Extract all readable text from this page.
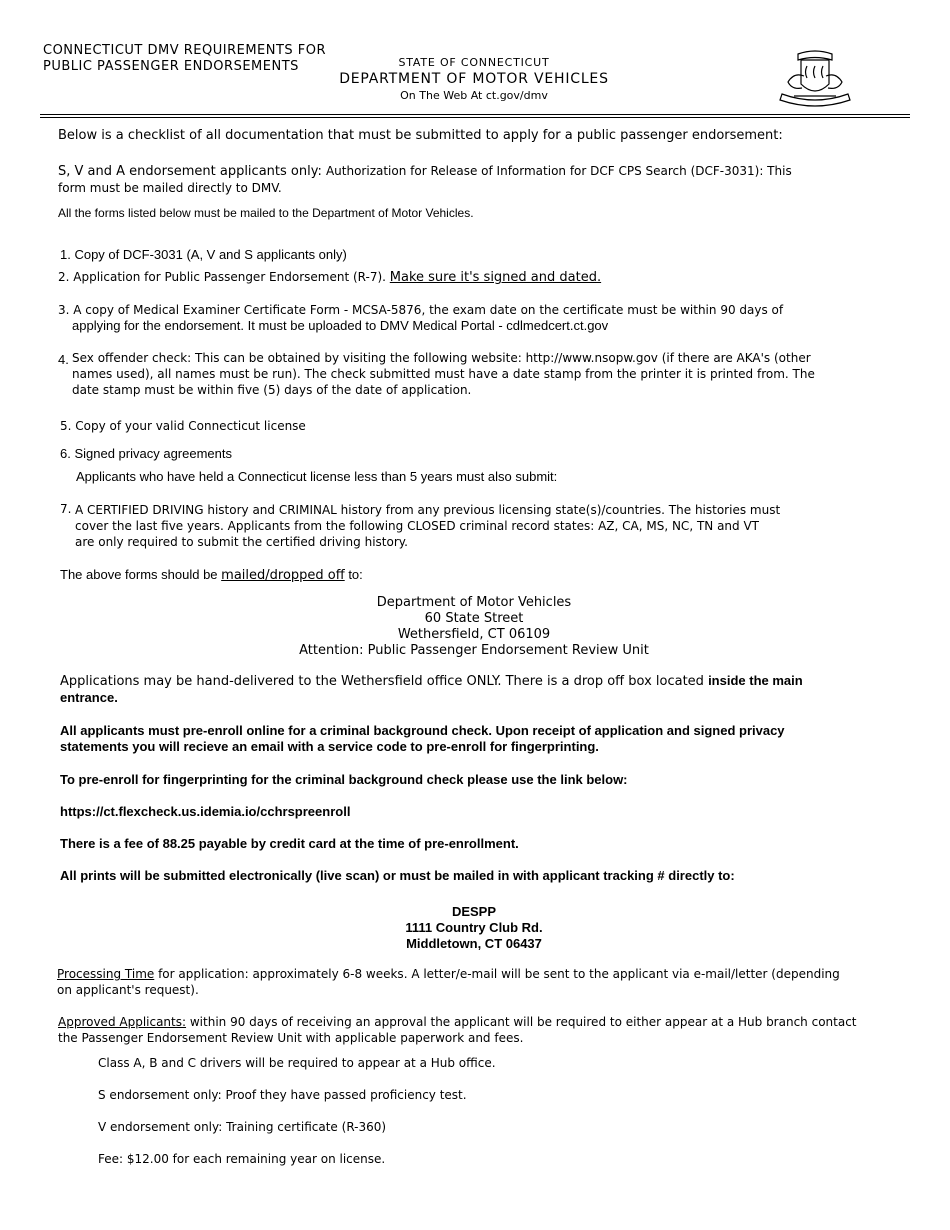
CONNECTICUT DMV REQUIREMENTS FOR
PUBLIC PASSENGER ENDORSEMENTS	STATE OF CONNECTICUT
DEPARTMENT OF MOTOR VEHICLES
On The Web At ct.gov/dmv
Below is a checklist of all documentation that must be submitted to apply for a public passenger endorsement:
S, V and A endorsement applicants only: Authorization for Release of Information for DCF CPS Search (DCF-3031): This
form must be mailed directly to DMV.
All the forms listed below must be mailed to the Department of Motor Vehicles.
1. Copy of DCF-3031 (A, V and S applicants only)
2. Application for Public Passenger Endorsement (R-7). Make sure it's signed and dated.
3. A copy of Medical Examiner Certificate Form - MCSA-5876, the exam date on the certificate must be within 90 days of
applying for the endorsement. It must be uploaded to DMV Medical Portal - cdlmedcert.ct.gov
4. Sex offender check: This can be obtained by visiting the following website: http://www.nsopw.gov (if there are AKA's (other
names used), all names must be run). The check submitted must have a date stamp from the printer it is printed from. The
date stamp must be within five (5) days of the date of application.
5. Copy of your valid Connecticut license
6. Signed privacy agreements
Applicants who have held a Connecticut license less than 5 years must also submit:
7. A CERTIFIED DRIVING history and CRIMINAL history from any previous licensing state(s)/countries. The histories must
cover the last five years. Applicants from the following CLOSED criminal record states: AZ, CA, MS, NC, TN and VT
are only required to submit the certified driving history.
The above forms should be mailed/dropped off to:
Department of Motor Vehicles
60 State Street
Wethersfield, CT 06109
Attention: Public Passenger Endorsement Review Unit
Applications may be hand-delivered to the Wethersfield office ONLY. There is a drop off box located inside the main
entrance.
All applicants must pre-enroll online for a criminal background check. Upon receipt of application and signed privacy
statements you will recieve an email with a service code to pre-enroll for fingerprinting.
To pre-enroll for fingerprinting for the criminal background check please use the link below:
https://ct.flexcheck.us.idemia.io/cchrspreenroll
There is a fee of 88.25 payable by credit card at the time of pre-enrollment.
All prints will be submitted electronically (live scan) or must be mailed in with applicant tracking # directly to:
DESPP
1111 Country Club Rd.
Middletown, CT 06437
Processing Time for application: approximately 6-8 weeks. A letter/e-mail will be sent to the applicant via e-mail/letter (depending
on applicant's request).
Approved Applicants: within 90 days of receiving an approval the applicant will be required to either appear at a Hub branch contact
the Passenger Endorsement Review Unit with applicable paperwork and fees.
Class A, B and C drivers will be required to appear at a Hub office.
S endorsement only: Proof they have passed proficiency test.
V endorsement only: Training certificate (R-360)
Fee: $12.00 for each remaining year on license.
